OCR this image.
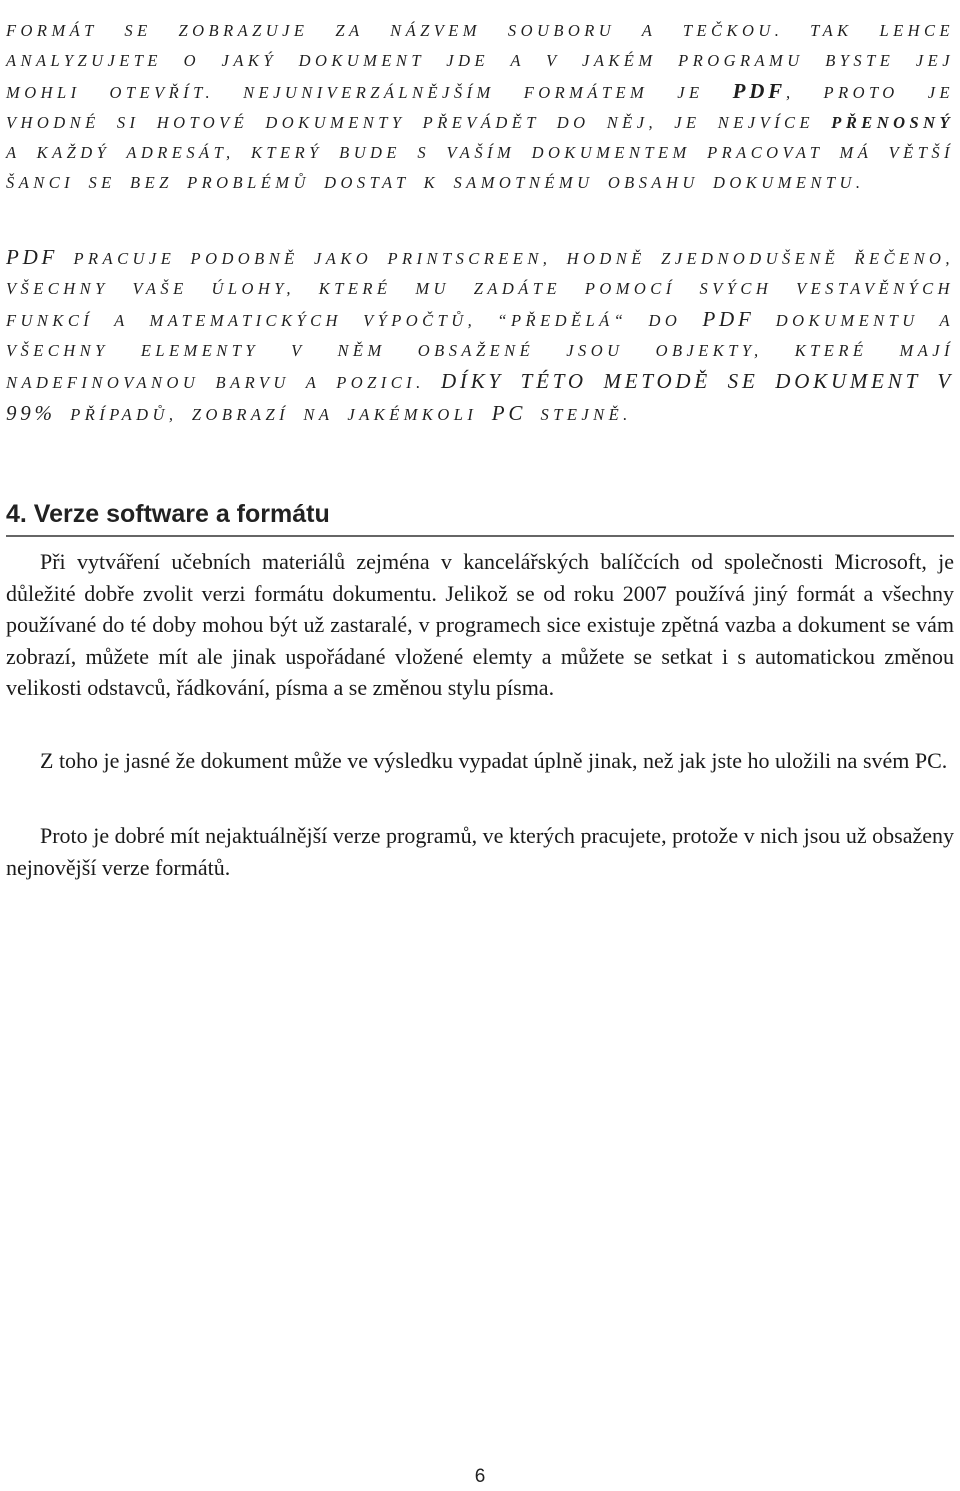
FORMÁT SE ZOBRAZUJE ZA NÁZVEM SOUBORU A TEČKOU. TAK LEHCE ANALYZUJETE O JAKÝ DOKUMENT JDE A V JAKÉM PROGRAMU BYSTE JEJ MOHLI OTEVŘÍT. NEJUNIVERZÁLNĚJŠÍM FORMÁTEM JE PDF, PROTO JE VHODNÉ SI HOTOVÉ DOKUMENTY PŘEVÁDĚT DO NĚJ, JE NEJVÍCE PŘENOSNÝ A KAŽDÝ ADRESÁT, KTERÝ BUDE S VAŠÍM DOKUMENTEM PRACOVAT MÁ VĚTŠÍ ŠANCI SE BEZ PROBLÉMŮ DOSTAT K SAMOTNÉMU OBSAHU DOKUMENTU.

PDF PRACUJE PODOBNĚ JAKO PRINTSCREEN, HODNĚ ZJEDNODUŠENĚ ŘEČENO, VŠECHNY VAŠE ÚLOHY, KTERÉ MU ZADÁTE POMOCÍ SVÝCH VESTAVĚNÝCH FUNKCÍ A MATEMATICKÝCH VÝPOČTŮ, “PŘEDĚLÁ“ DO PDF DOKUMENTU A VŠECHNY ELEMENTY V NĚM OBSAŽENÉ JSOU OBJEKTY, KTERÉ MAJÍ NADEFINOVANOU BARVU A POZICI. DÍKY TÉTO METODĚ SE DOKUMENT V 99% PŘÍPADŮ, ZOBRAZÍ NA JAKÉMKOLI PC STEJNĚ.

4. Verze software a formátu

Při vytváření učebních materiálů zejména v kancelářských balíčcích od společnosti Microsoft, je důležité dobře zvolit verzi formátu dokumentu. Jelikož se od roku 2007 používá jiný formát a všechny používané do té doby mohou být už zastaralé, v programech sice existuje zpětná vazba a dokument se vám zobrazí, můžete mít ale jinak uspořádané vložené elemty a můžete se setkat i s automatickou změnou velikosti odstavců, řádkování, písma a se změnou stylu písma.

Z toho je jasné že dokument může ve výsledku vypadat úplně jinak, než jak jste ho uložili na svém PC.

Proto je dobré mít nejaktuálnější verze programů, ve kterých pracujete, protože v nich jsou už obsaženy nejnovější verze formátů.

6
